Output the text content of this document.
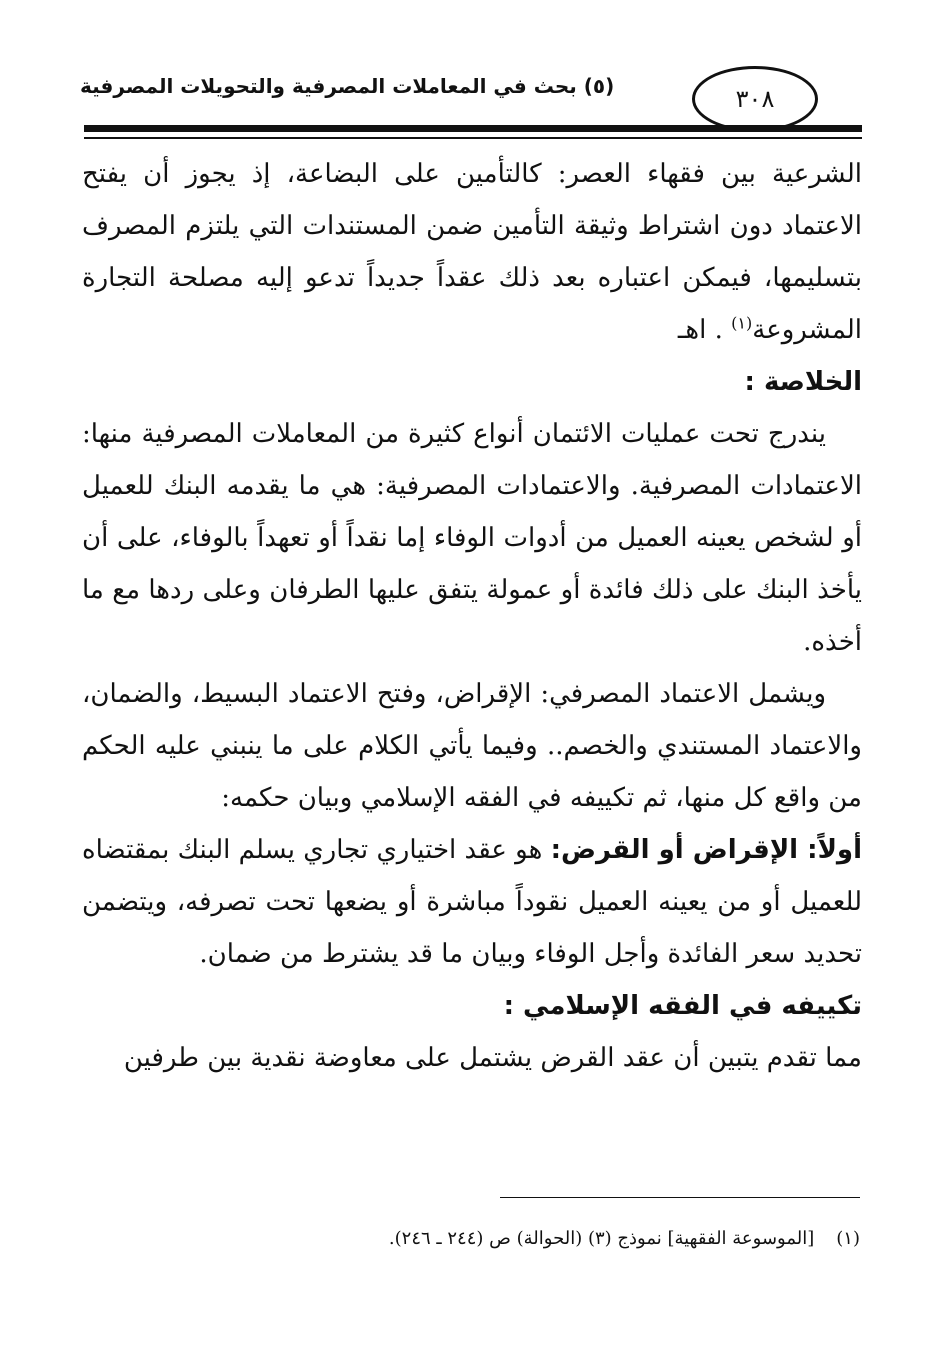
(٥) بحث في المعاملات المصرفية والتحويلات المصرفية	٣٠٨

الشرعية بين فقهاء العصر: كالتأمين على البضاعة، إذ يجوز أن يفتح الاعتماد دون اشتراط وثيقة التأمين ضمن المستندات التي يلتزم المصرف بتسليمها، فيمكن اعتباره بعد ذلك عقداً جديداً تدعو إليه مصلحة التجارة المشروعة$^{(١)}$ . اهـ

الخلاصة :

يندرج تحت عمليات الائتمان أنواع كثيرة من المعاملات المصرفية منها: الاعتمادات المصرفية. والاعتمادات المصرفية: هي ما يقدمه البنك للعميل أو لشخص يعينه العميل من أدوات الوفاء إما نقداً أو تعهداً بالوفاء، على أن يأخذ البنك على ذلك فائدة أو عمولة يتفق عليها الطرفان وعلى ردها مع ما أخذه.

ويشمل الاعتماد المصرفي: الإقراض، وفتح الاعتماد البسيط، والضمان، والاعتماد المستندي والخصم.. وفيما يأتي الكلام على ما ينبني عليه الحكم من واقع كل منها، ثم تكييفه في الفقه الإسلامي وبيان حكمه:

أولاً: الإقراض أو القرض: هو عقد اختياري تجاري يسلم البنك بمقتضاه للعميل أو من يعينه العميل نقوداً مباشرة أو يضعها تحت تصرفه، ويتضمن تحديد سعر الفائدة وأجل الوفاء وبيان ما قد يشترط من ضمان.

تكييفه في الفقه الإسلامي :

مما تقدم يتبين أن عقد القرض يشتمل على معاوضة نقدية بين طرفين

(١)[الموسوعة الفقهية] نموذج (٣) (الحوالة) ص (٢٤٤ ـ ٢٤٦).
